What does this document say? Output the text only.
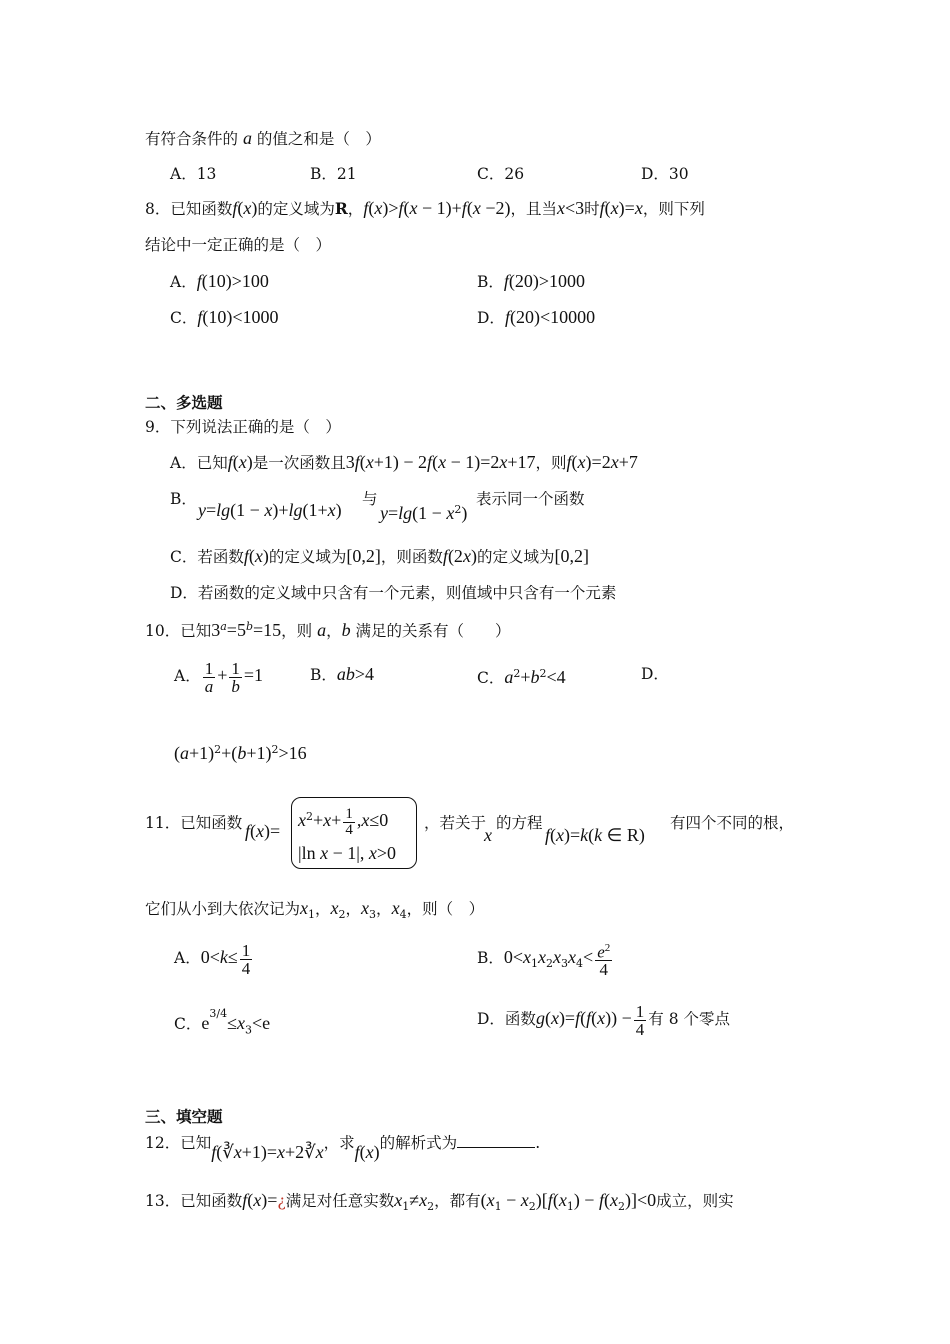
有符合条件的 a 的值之和是（　）
A．13	B．21	C．26	D．30
8．已知函数f(x)的定义域为R，f(x)>f(x − 1)+f(x −2)，且当x<3时f(x)=x，则下列
结论中一定正确的是（　）
A．f(10)>100	B．f(20)>1000
C．f(10)<1000	D．f(20)<10000
二、多选题
9．下列说法正确的是（　）
A．已知f(x)是一次函数且3f(x+1) − 2f(x − 1)=2x+17，则f(x)=2x+7
B．
y=lg(1 − x)+lg(1+x)
与
$y=\lg(1 - x^2)$
表示同一个函数
C．若函数f(x)的定义域为[0,2]，则函数f(2x)的定义域为[0,2]
D．若函数的定义域中只含有一个元素，则值域中只含有一个元素
10．已知$3^a=5^b=15$，则 a，b 满足的关系有（　　）
A． $\frac{1}{a} + \frac{1}{b} =1$	B．ab>4	C．$a^2+b^2<4$	D．
$(a+1)^2+(b+1)^2>16$
11．已知函数 f(x)=
$x^2+x+ \frac{1}{4} ,x\le 0$
|ln x − 1|, x>0
，若关于
x
的方程
f(x)=k(k ∈ R)
有四个不同的根，
它们从小到大依次记为$x_1$，$x_2$，$x_3$，$x_4$，则（　）
A．$0<k\le \frac{1}{4}$	B．$0<x_1x_2x_3x_4< \frac{e^2}{4}$
C．$e^{3/4}\le x_3<e$	D．函数$g(x)=f(f(x)) - \frac{1}{4}$ 有 8 个零点
三、填空题
12．已知f(∛x+1)=x+2∛x，求f(x)的解析式为	.
13．已知函数f(x)=¿满足对任意实数$x_1\ne x_2$，都有$(x_1 - x_2)[f(x_1) - f(x_2)]<0$成立，则实
